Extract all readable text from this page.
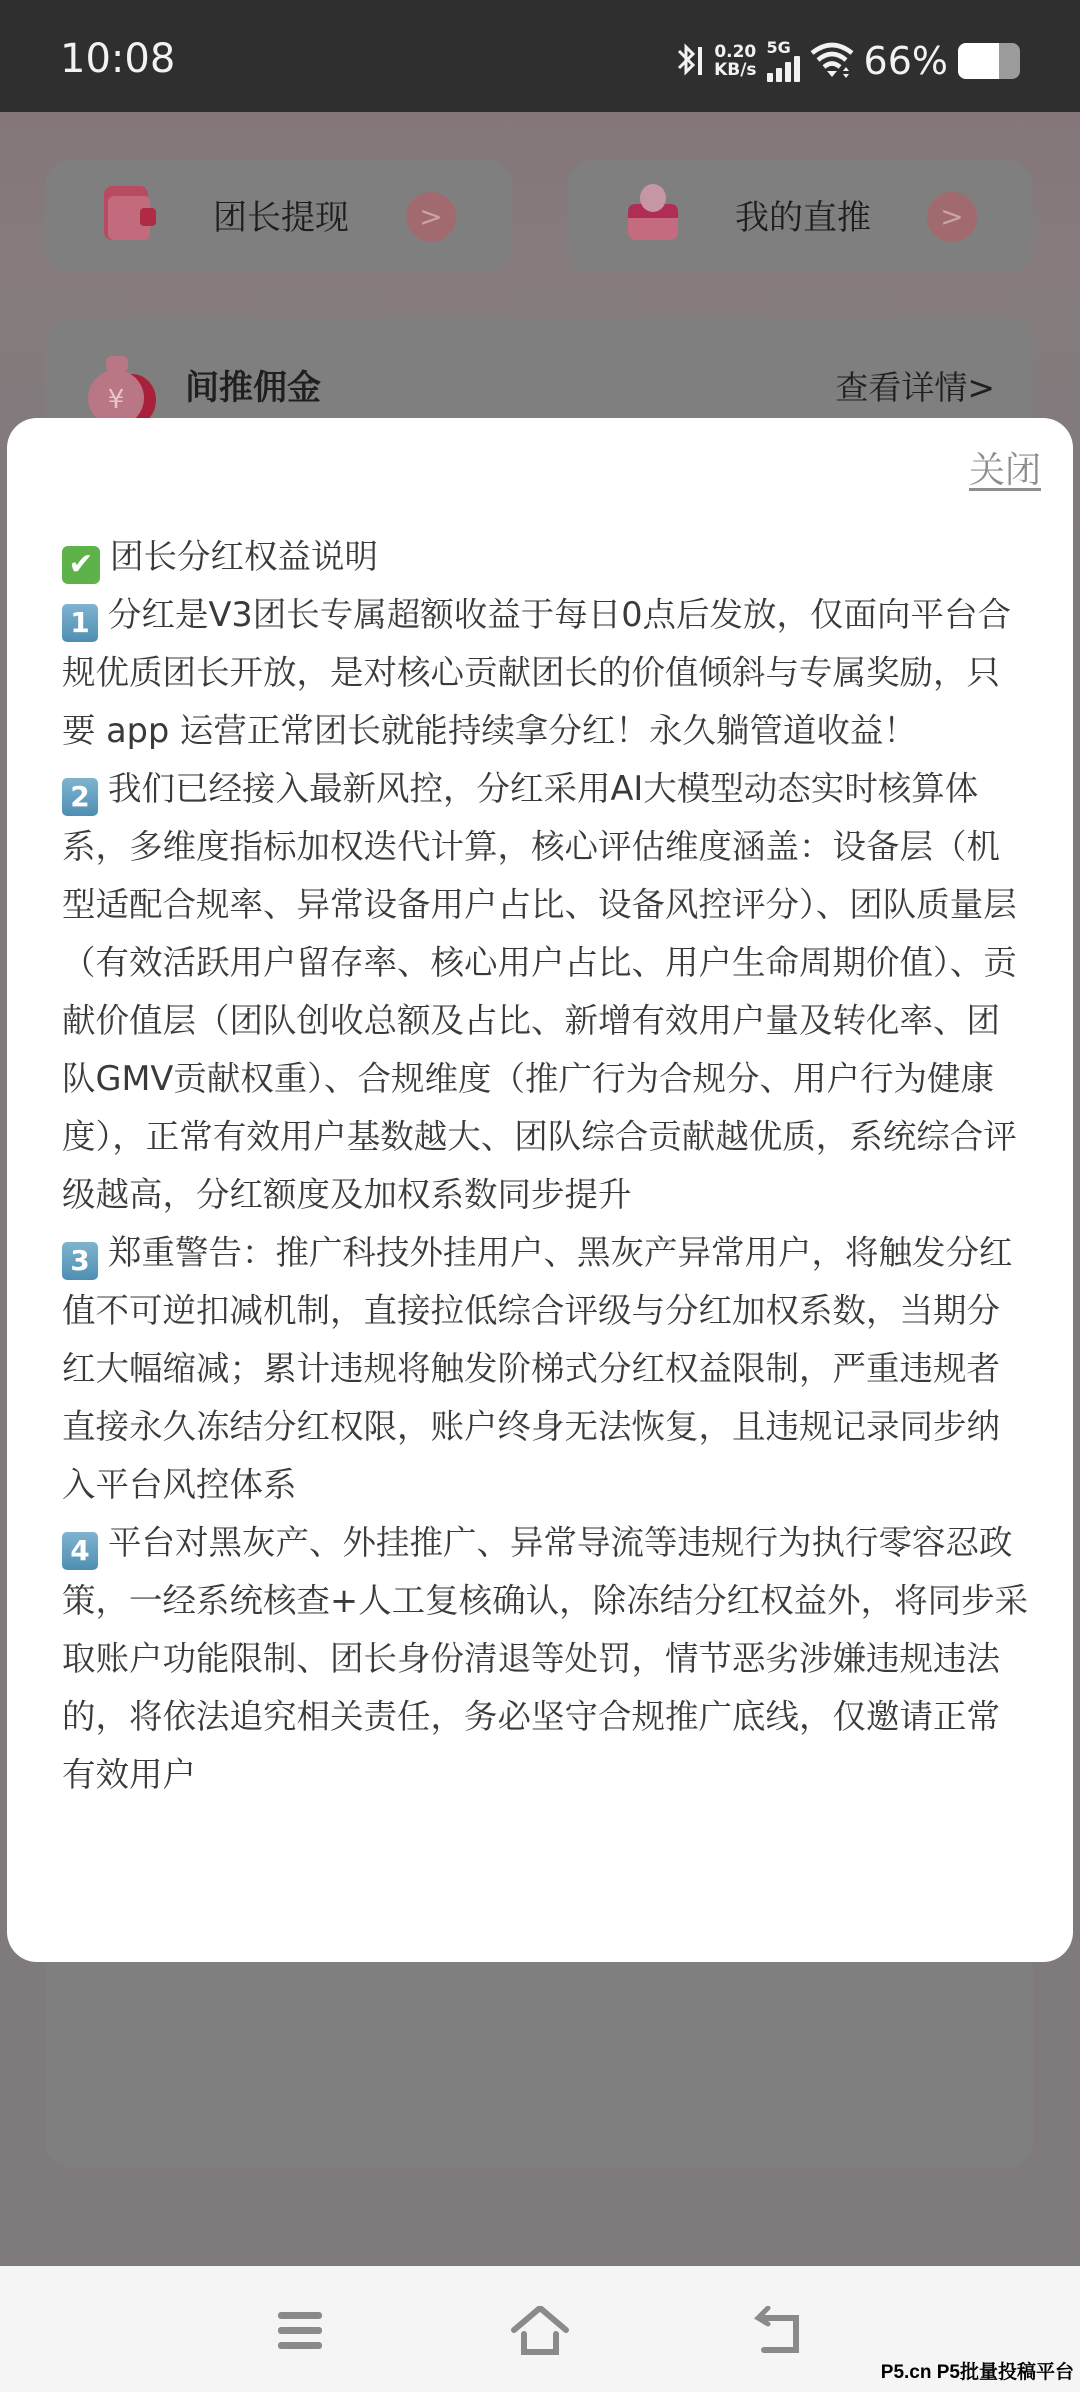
10:08	0.20
KB/s
5G 66%
团长提现	>	我的直推	>
¥ 间推佣金	查看详情>
关闭
✔ 团长分红权益说明
1 分红是V3团长专属超额收益于每日0点后发放，仅面向平台合规优质团长开放，是对核心贡献团长的价值倾斜与专属奖励，只要 app 运营正常团长就能持续拿分红！永久躺管道收益！
2 我们已经接入最新风控，分红采用AI大模型动态实时核算体系，多维度指标加权迭代计算，核心评估维度涵盖：设备层（机型适配合规率、异常设备用户占比、设备风控评分）、团队质量层（有效活跃用户留存率、核心用户占比、用户生命周期价值）、贡献价值层（团队创收总额及占比、新增有效用户量及转化率、团队GMV贡献权重）、合规维度（推广行为合规分、用户行为健康度），正常有效用户基数越大、团队综合贡献越优质，系统综合评级越高，分红额度及加权系数同步提升
3 郑重警告：推广科技外挂用户、黑灰产异常用户，将触发分红值不可逆扣减机制，直接拉低综合评级与分红加权系数，当期分红大幅缩减；累计违规将触发阶梯式分红权益限制，严重违规者直接永久冻结分红权限，账户终身无法恢复，且违规记录同步纳入平台风控体系
4 平台对黑灰产、外挂推广、异常导流等违规行为执行零容忍政策，一经系统核查+人工复核确认，除冻结分红权益外，将同步采取账户功能限制、团长身份清退等处罚，情节恶劣涉嫌违规违法的，将依法追究相关责任，务必坚守合规推广底线，仅邀请正常有效用户
P5.cn P5批量投稿平台
